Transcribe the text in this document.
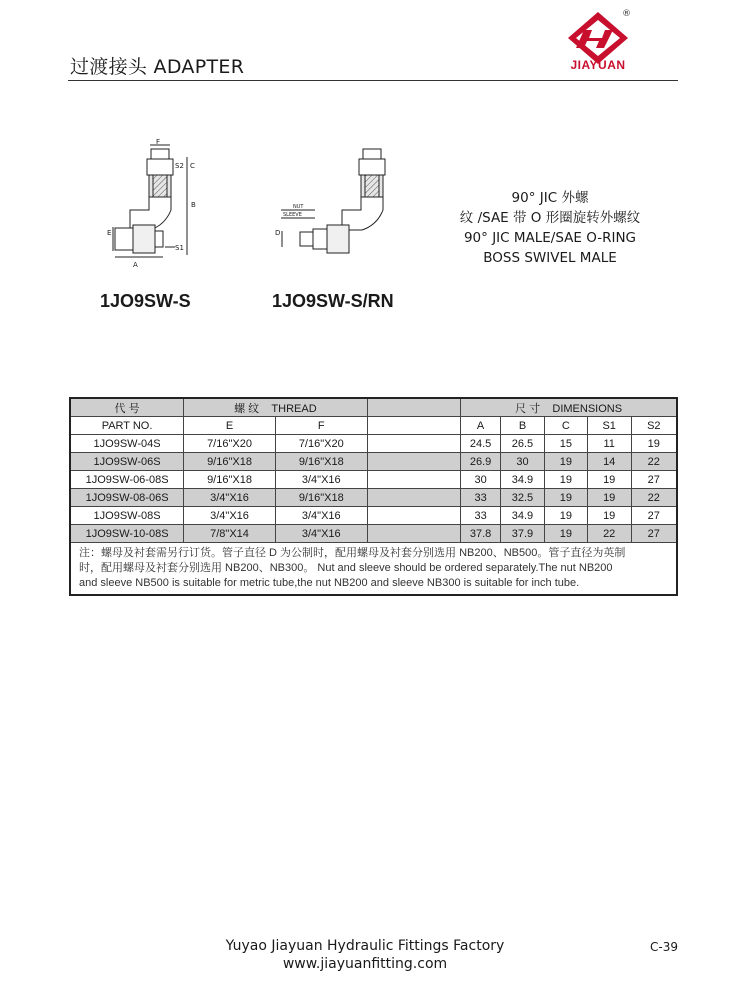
过渡接头 ADAPTER
®
JIAYUAN
F
S2 C
B
E
A
S1
D
NUT
SLEEVE
1JO9SW-S	1JO9SW-S/RN
90° JIC 外螺
纹 /SAE 带 O 形圈旋转外螺纹
90° JIC MALE/SAE O-RING
BOSS SWIVEL MALE
代 号	螺 纹 THREAD			尺 寸 DIMENSIONS				
PART NO.	E	F		A	B	C	S1	S2
1JO9SW-04S	7/16"X20	7/16"X20		24.5	26.5	15	11	19
1JO9SW-06S	9/16"X18	9/16"X18		26.9	30	19	14	22
1JO9SW-06-08S	9/16"X18	3/4"X16		30	34.9	19	19	27
1JO9SW-08-06S	3/4"X16	9/16"X18		33	32.5	19	19	22
1JO9SW-08S	3/4"X16	3/4"X16		33	34.9	19	19	27
1JO9SW-10-08S	7/8"X14	3/4"X16		37.8	37.9	19	22	27

注：螺母及衬套需另行订货。管子直径 D 为公制时，配用螺母及衬套分别选用 NB200、NB500。管子直径为英制
时，配用螺母及衬套分别选用 NB200、NB300。 Nut and sleeve should be ordered separately.The nut NB200
and sleeve NB500 is suitable for metric tube,the nut NB200 and sleeve NB300 is suitable for inch tube.								
Yuyao Jiayuan Hydraulic Fittings Factory
www.jiayuanfitting.com
C-39
